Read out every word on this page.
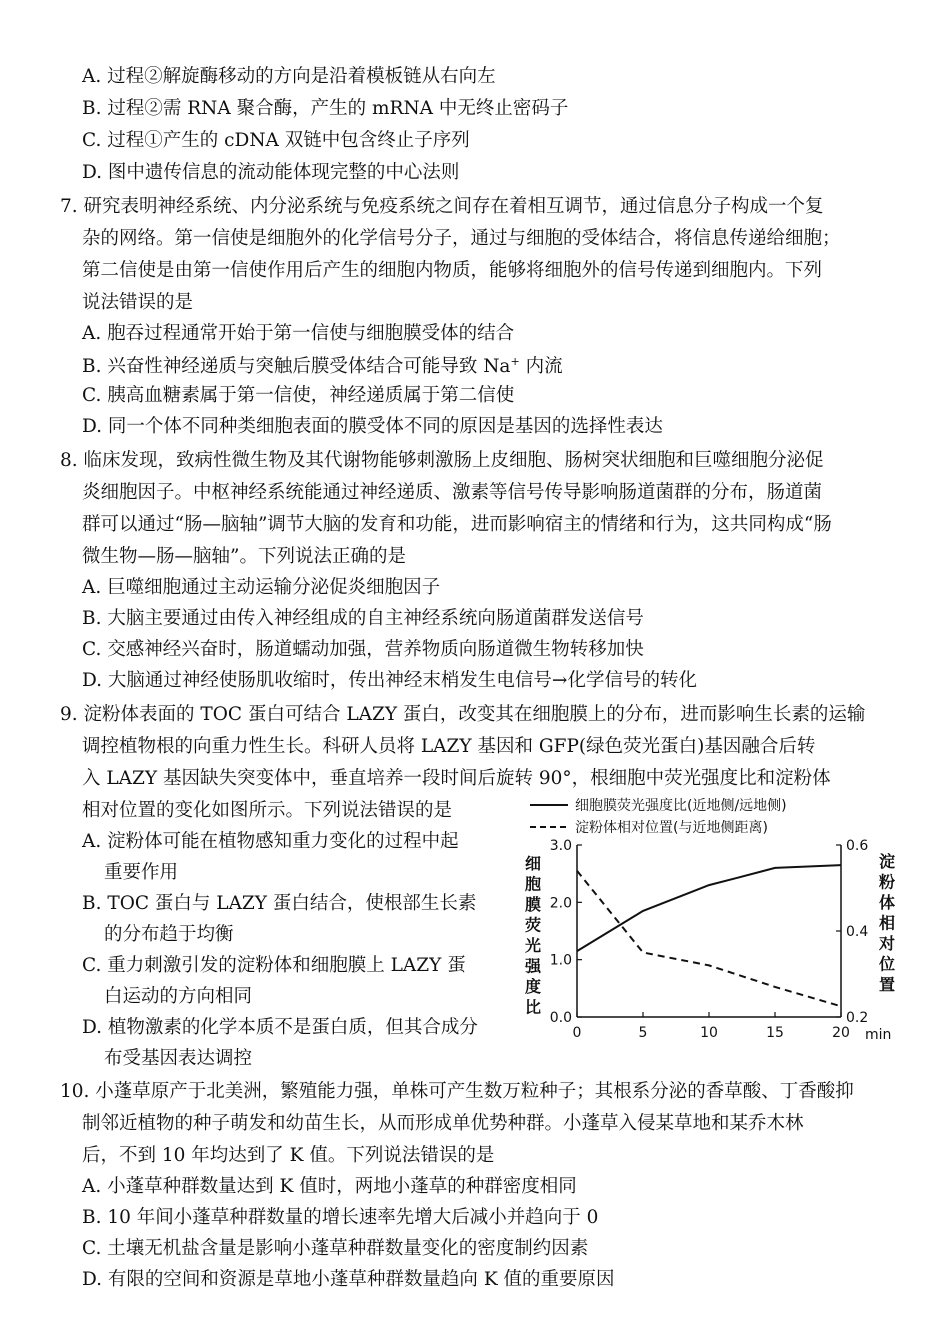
A. 过程②解旋酶移动的方向是沿着模板链从右向左
B. 过程②需 RNA 聚合酶，产生的 mRNA 中无终止密码子
C. 过程①产生的 cDNA 双链中包含终止子序列
D. 图中遗传信息的流动能体现完整的中心法则
7. 研究表明神经系统、内分泌系统与免疫系统之间存在着相互调节，通过信息分子构成一个复
杂的网络。第一信使是细胞外的化学信号分子，通过与细胞的受体结合，将信息传递给细胞；
第二信使是由第一信使作用后产生的细胞内物质，能够将细胞外的信号传递到细胞内。下列
说法错误的是
A. 胞吞过程通常开始于第一信使与细胞膜受体的结合
B. 兴奋性神经递质与突触后膜受体结合可能导致 Na+ 内流
C. 胰高血糖素属于第一信使，神经递质属于第二信使
D. 同一个体不同种类细胞表面的膜受体不同的原因是基因的选择性表达
8. 临床发现，致病性微生物及其代谢物能够刺激肠上皮细胞、肠树突状细胞和巨噬细胞分泌促
炎细胞因子。中枢神经系统能通过神经递质、激素等信号传导影响肠道菌群的分布，肠道菌
群可以通过“肠—脑轴”调节大脑的发育和功能，进而影响宿主的情绪和行为，这共同构成“肠
微生物—肠—脑轴”。下列说法正确的是
A. 巨噬细胞通过主动运输分泌促炎细胞因子
B. 大脑主要通过由传入神经组成的自主神经系统向肠道菌群发送信号
C. 交感神经兴奋时，肠道蠕动加强，营养物质向肠道微生物转移加快
D. 大脑通过神经使肠肌收缩时，传出神经末梢发生电信号→化学信号的转化
9. 淀粉体表面的 TOC 蛋白可结合 LAZY 蛋白，改变其在细胞膜上的分布，进而影响生长素的运输
调控植物根的向重力性生长。科研人员将 LAZY 基因和 GFP(绿色荧光蛋白)基因融合后转
入 LAZY 基因缺失突变体中，垂直培养一段时间后旋转 90°，根细胞中荧光强度比和淀粉体
相对位置的变化如图所示。下列说法错误的是
A. 淀粉体可能在植物感知重力变化的过程中起
重要作用
B. TOC 蛋白与 LAZY 蛋白结合，使根部生长素
的分布趋于均衡
C. 重力刺激引发的淀粉体和细胞膜上 LAZY 蛋
白运动的方向相同
D. 植物激素的化学本质不是蛋白质，但其合成分
布受基因表达调控
细胞膜荧光强度比(近地侧/远地侧)
淀粉体相对位置(与近地侧距离)
0	5	10	15	20
0.0
1.0
2.0
3.0
0.2
0.4
0.6
min
细
胞
膜
荧
光
强
度
比
淀
粉
体
相
对
位
置
10. 小蓬草原产于北美洲，繁殖能力强，单株可产生数万粒种子；其根系分泌的香草酸、丁香酸抑
制邻近植物的种子萌发和幼苗生长，从而形成单优势种群。小蓬草入侵某草地和某乔木林
后，不到 10 年均达到了 K 值。下列说法错误的是
A. 小蓬草种群数量达到 K 值时，两地小蓬草的种群密度相同
B. 10 年间小蓬草种群数量的增长速率先增大后减小并趋向于 0
C. 土壤无机盐含量是影响小蓬草种群数量变化的密度制约因素
D. 有限的空间和资源是草地小蓬草种群数量趋向 K 值的重要原因
